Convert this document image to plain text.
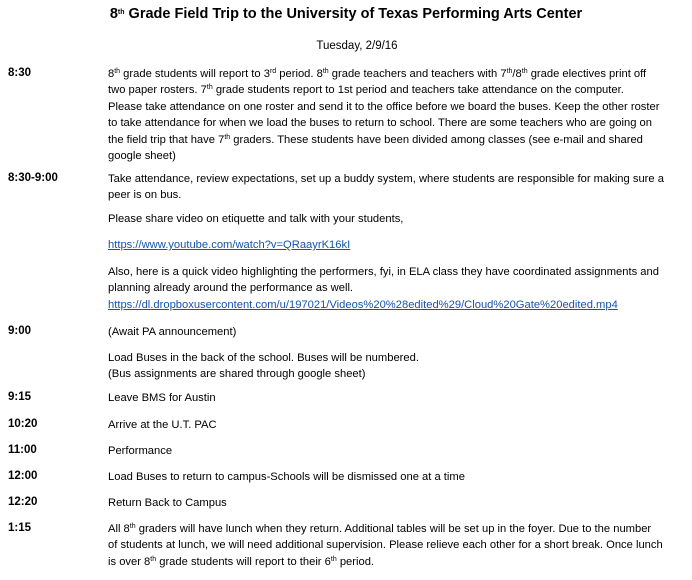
8th Grade Field Trip to the University of Texas Performing Arts Center
Tuesday, 2/9/16
8:30	8th grade students will report to 3rd period. 8th grade teachers and teachers with 7th/8th grade electives print off
two paper rosters. 7th grade students report to 1st period and teachers take attendance on the computer.
Please take attendance on one roster and send it to the office before we board the buses. Keep the other roster
to take attendance for when we load the buses to return to school. There are some teachers who are going on
the field trip that have 7th graders. These students have been divided among classes (see e-mail and shared
google sheet)
8:30-9:00	Take attendance, review expectations, set up a buddy system, where students are responsible for making sure a
peer is on bus.
Please share video on etiquette and talk with your students,
https://www.youtube.com/watch?v=QRaayrK16kI
Also, here is a quick video highlighting the performers, fyi, in ELA class they have coordinated assignments and
planning already around the performance as well.
https://dl.dropboxusercontent.com/u/197021/Videos%20%28edited%29/Cloud%20Gate%20edited.mp4
9:00	(Await PA announcement)
Load Buses in the back of the school. Buses will be numbered.
(Bus assignments are shared through google sheet)
9:15	Leave BMS for Austin
10:20	Arrive at the U.T. PAC
11:00	Performance
12:00	Load Buses to return to campus-Schools will be dismissed one at a time
12:20	Return Back to Campus
1:15	All 8th graders will have lunch when they return. Additional tables will be set up in the foyer. Due to the number
of students at lunch, we will need additional supervision. Please relieve each other for a short break. Once lunch
is over 8th grade students will report to their 6th period.
